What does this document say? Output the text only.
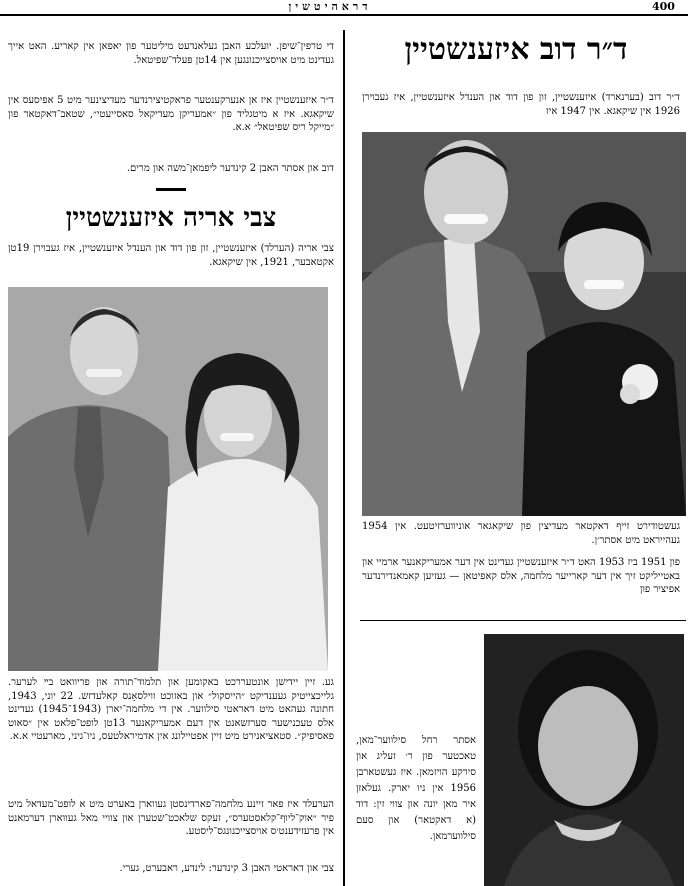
דראהיטשין	400
ד״ר דוב איזענשטיין
ד״ר דוב (בערנארד) איזענשטיין, זון פון דוד און הענדל איזענשטיין, איז געבוירן 1926 אין שיקאגא. אין 1947 איז
געשטודירט זייף דאקטאר מעדיצין פון שיקאגאר אוניווערזיטעט. אין 1954 געהייראט מיט אסתר׳ן.
פון 1951 ביז 1953 האט ד״ר איזענשטיין געדינט אין דער אמעריקאנער ארמיי און באטייליקט זיך אין דער קארייער מלחמה, אלס קאפיטאן — געזיען קאמאנדירנדער אפיציר פון
אסתר רחל סילווער־מאן, טאכטער פון ר׳ זעליג און סירקע הויזמאן. איז געשטארבן 1956 אין ניו יארק. געלאזן איר מאן יונה און צווי זין: דוד (א דאקטאר) און סעם סילווערמאן.
די טרפין־שיפן. יועלכע האבן געלאנדעט מיליטער פון יאפאן אין קאריע. האט אייך געדינט מיט אויסצייכנונגען אין 14טן פעלד־שפיטאל.
ד״ר איזענשטיין איז אן אנערקענטער פראקטיצירנדער מעדיצינער מיט 5 אפיסעס אין שיקאגא. איז א מיטגליד פון ״אמעריקן מעדיקאל סאסייעטי״, שטאב־דאקטאר פון ״מייקל ריס שפיטאל״ א.א.
דוב און אסתר האבן 2 קינדער ליפמאן־משה און מרים.
צבי אריה איזענשטיין
צבי אריה (הערלד) איזענשטיין, זון פון דוד און הענדל איזענשטיין, איז געבוירן 19טן אקטאבער, 1921, אין שיקאגא.
גע. זיין יידישן אונטעררכט באקומען און תלמוד־תורה און פריוואט בײ לערער. גלייכצייטיק געענדיקט ״הייסקול״ און באזוכט ווילסאָנס קאלעדזש. 22 יוני, 1943, חתונה געהאט מיט דאראטי סילווער. אין די מלחמה־יארן (1943־1945) געדינט אלס טעכנישער סערזשאנט אין דעם אמעריקאנער 13טן לופט־פלאט אין ״סאוט פאסיפיק״. סטאציאנירט מיט זיין אפטיילונג אין אדמיראלטעס, ניו־גיני, מארעטיי א.א.
הערעלד איז פאר זיינע מלחמה־פארדינסטן געווארן באערט מיט א לופט־מעדאל מיט פיר ״אוק־ליוף־קלאסטערס״, זעקס שלאכט־שטערן און צוויי מאל געווארן דערמאנט אין פרעזידענט׳ס אויסצייכנונגס־ליסטע.
צבי און דאראטי האבן 3 קינדער: לינדע, ראבערט, גערי.
